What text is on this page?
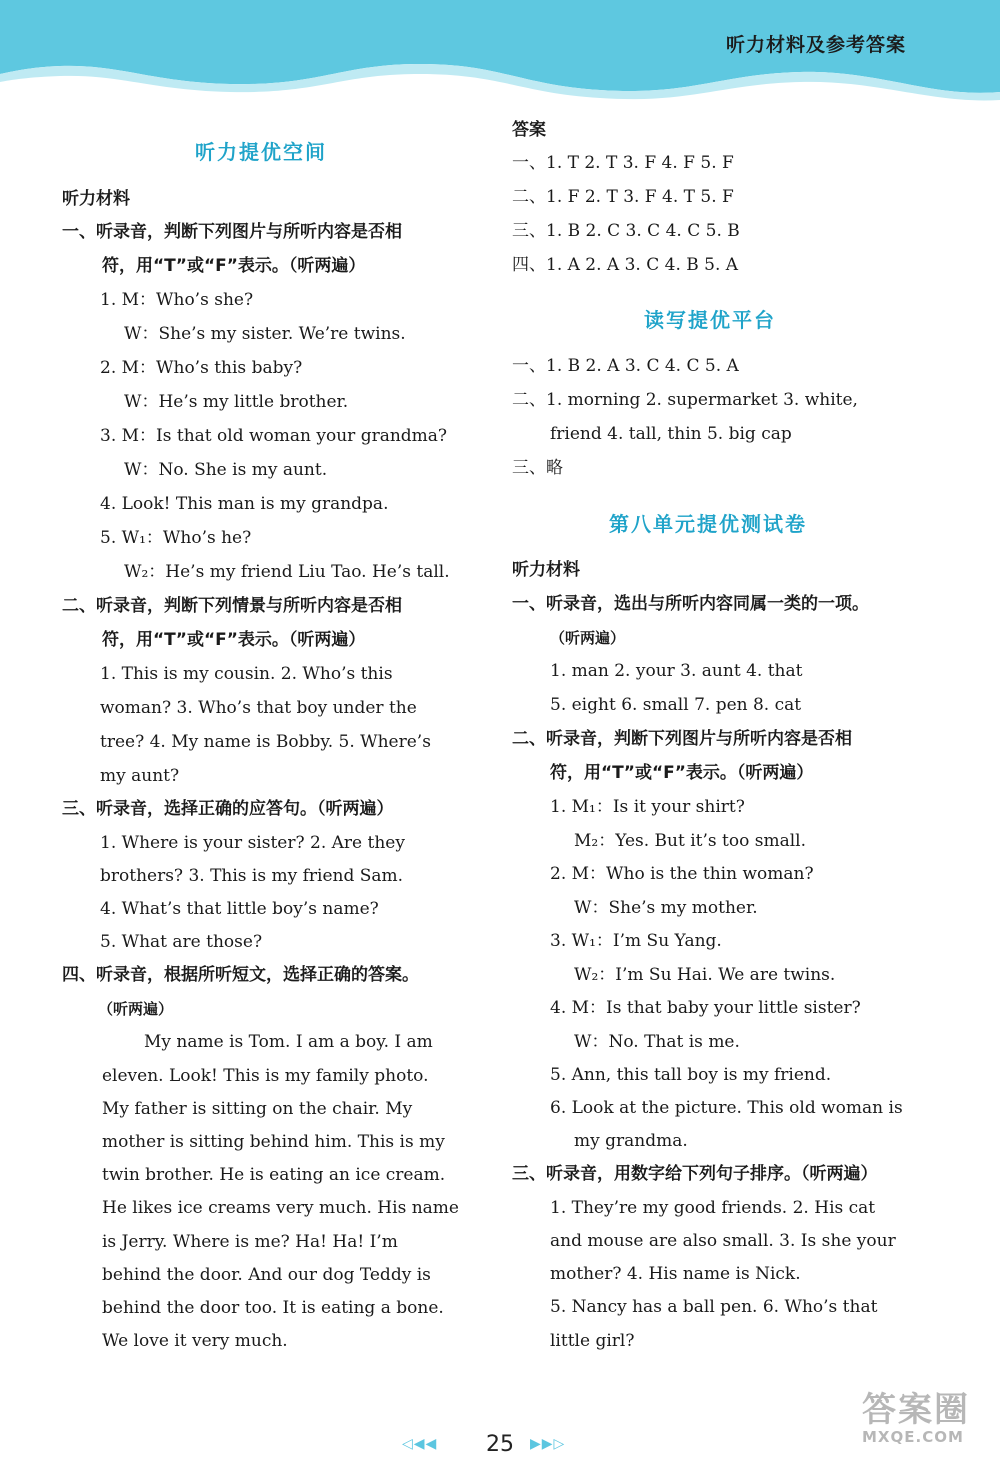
听力材料及参考答案
听力提优空间
听力材料
一、听录音，判断下列图片与所听内容是否相
符，用“T”或“F”表示。（听两遍）
1. M：Who’s she?
W：She’s my sister. We’re twins.
2. M：Who’s this baby?
W：He’s my little brother.
3. M：Is that old woman your grandma?
W：No. She is my aunt.
4. Look! This man is my grandpa.
5. W₁：Who’s he?
W₂：He’s my friend Liu Tao. He’s tall.
二、听录音，判断下列情景与所听内容是否相
符，用“T”或“F”表示。（听两遍）
1. This is my cousin. 2. Who’s this
woman? 3. Who’s that boy under the
tree? 4. My name is Bobby. 5. Where’s
my aunt?
三、听录音，选择正确的应答句。（听两遍）
1. Where is your sister? 2. Are they
brothers? 3. This is my friend Sam.
4. What’s that little boy’s name?
5. What are those?
四、听录音，根据所听短文，选择正确的答案。
（听两遍）
My name is Tom. I am a boy. I am
eleven. Look! This is my family photo.
My father is sitting on the chair. My
mother is sitting behind him. This is my
twin brother. He is eating an ice cream.
He likes ice creams very much. His name
is Jerry. Where is me? Ha! Ha! I’m
behind the door. And our dog Teddy is
behind the door too. It is eating a bone.
We love it very much.
答案
一、1. T 2. T 3. F 4. F 5. F
二、1. F 2. T 3. F 4. T 5. F
三、1. B 2. C 3. C 4. C 5. B
四、1. A 2. A 3. C 4. B 5. A
读写提优平台
一、1. B 2. A 3. C 4. C 5. A
二、1. morning 2. supermarket 3. white,
friend 4. tall, thin 5. big cap
三、略
第八单元提优测试卷
听力材料
一、听录音，选出与所听内容同属一类的一项。
（听两遍）
1. man 2. your 3. aunt 4. that
5. eight 6. small 7. pen 8. cat
二、听录音，判断下列图片与所听内容是否相
符，用“T”或“F”表示。（听两遍）
1. M₁：Is it your shirt?
M₂：Yes. But it’s too small.
2. M：Who is the thin woman?
W：She’s my mother.
3. W₁：I’m Su Yang.
W₂：I’m Su Hai. We are twins.
4. M：Is that baby your little sister?
W：No. That is me.
5. Ann, this tall boy is my friend.
6. Look at the picture. This old woman is
my grandma.
三、听录音，用数字给下列句子排序。（听两遍）
1. They’re my good friends. 2. His cat
and mouse are also small. 3. Is she your
mother? 4. His name is Nick.
5. Nancy has a ball pen. 6. Who’s that
little girl?
◁◀◀	25	▶▶▷
答案圈
MXQE.COM
